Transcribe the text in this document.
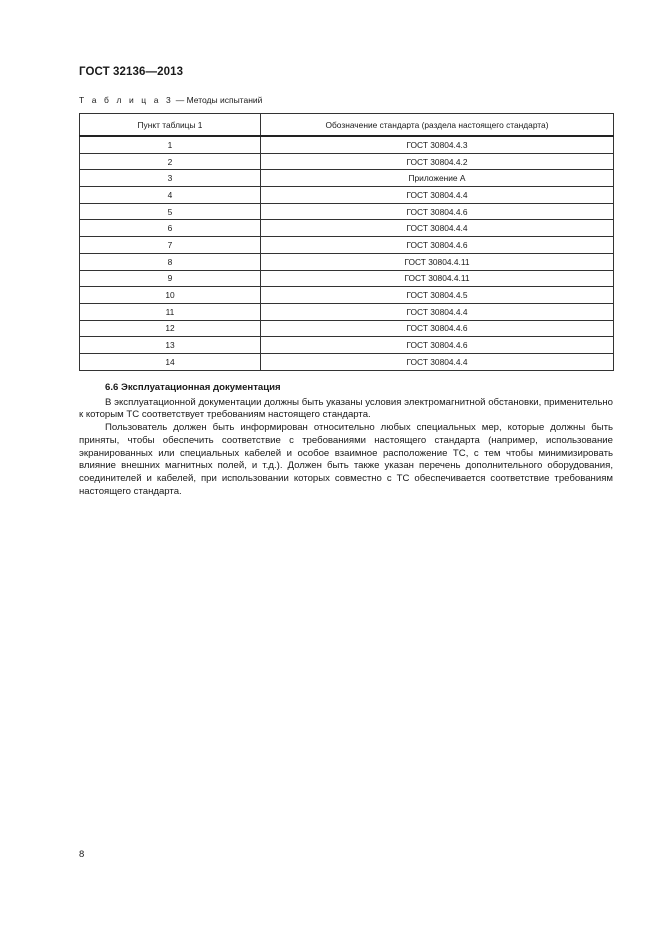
ГОСТ 32136—2013
Т а б л и ц а 3 — Методы испытаний
Пункт таблицы 1	Обозначение стандарта (раздела настоящего стандарта)
1	ГОСТ 30804.4.3
2	ГОСТ 30804.4.2
3	Приложение А
4	ГОСТ 30804.4.4
5	ГОСТ 30804.4.6
6	ГОСТ 30804.4.4
7	ГОСТ 30804.4.6
8	ГОСТ 30804.4.11
9	ГОСТ 30804.4.11
10	ГОСТ 30804.4.5
11	ГОСТ 30804.4.4
12	ГОСТ 30804.4.6
13	ГОСТ 30804.4.6
14	ГОСТ 30804.4.4
6.6 Эксплуатационная документация

В эксплуатационной документации должны быть указаны условия электромагнитной обстановки, применительно к которым ТС соответствует требованиям настоящего стандарта.

Пользователь должен быть информирован относительно любых специальных мер, которые должны быть приняты, чтобы обеспечить соответствие с требованиями настоящего стандарта (например, использование экранированных или специальных кабелей и особое взаимное расположение ТС, с тем чтобы минимизировать влияние внешних магнитных полей, и т.д.). Должен быть также указан перечень дополнительного оборудования, соединителей и кабелей, при использовании которых совместно с ТС обеспечивается соответствие требованиям настоящего стандарта.

8
